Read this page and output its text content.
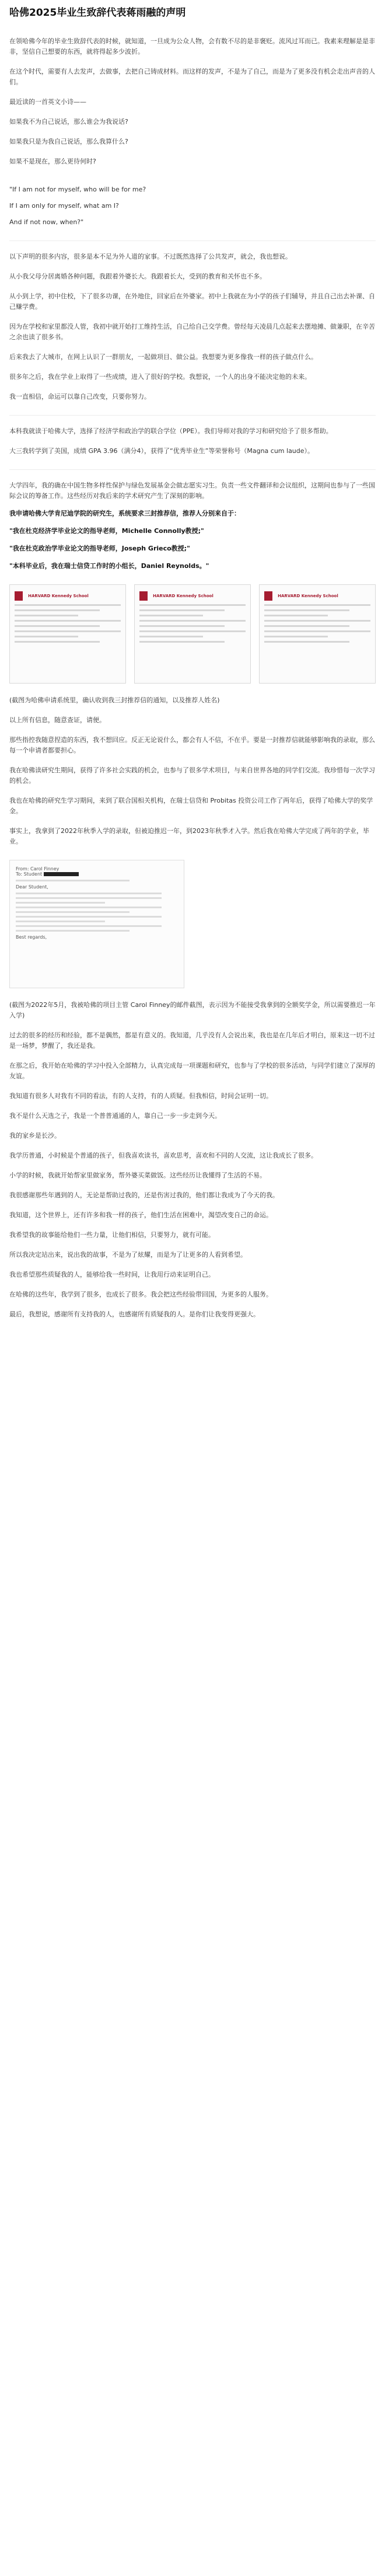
哈佛2025毕业生致辞代表蒋雨融的声明

在领哈佛今年的毕业生致辞代表的时候，就知道，一旦成为公众人物，会有数不尽的是非褒贬。流风过耳而已。我素来理解是是非非，坚信自己想要的东西，就将得起多少波折。

在这个时代，需要有人去发声，去做事，去把自己铸成材料。而这样的发声，不是为了自己，而是为了更多没有机会走出声音的人们。

最近读的一首英文小诗——

如果我不为自己说话，那么谁会为我说话?

如果我只是为我自己说话，那么我算什么?

如果不是现在，那么更待何时?

"If I am not for myself, who will be for me?

If I am only for myself, what am I?

And if not now, when?"

以下声明的很多内容，很多是本不足为外人道的家事。不过既然选择了公共发声，就会，我也想说。

从小我父母分居离婚各种问题，我跟着外婆长大。我跟着长大，受到的教育和关怀也不多。

从小到上学，初中住校，下了很多功课，在外地住，回家后在外婆家。初中上我就在为小学的孩子们辅导，并且自己出去补课、自己赚学费。

因为在学校和家里都没人管，我初中就开始打工维持生活，自己给自己交学费。曾经每天凌晨几点起来去摆地摊、做兼职，在辛苦之余也读了很多书。

后来我去了大城市，在网上认识了一群朋友，一起做项目、做公益。我想要为更多像我一样的孩子做点什么。

很多年之后，我在学业上取得了一些成绩，进入了很好的学校。我想说，一个人的出身不能决定他的未来。

我一直相信，命运可以靠自己改变，只要你努力。

本科我就读于哈佛大学，选择了经济学和政治学的联合学位（PPE）。我们导师对我的学习和研究给予了很多帮助。

大三我转学到了美国，成绩 GPA 3.96（满分4），获得了“优秀毕业生”等荣誉称号（Magna cum laude）。

大学四年，我的确在中国生物多样性保护与绿色发展基金会做志愿实习生。负责一些文件翻译和会议组织，这期间也参与了一些国际会议的筹备工作。这些经历对我后来的学术研究产生了深刻的影响。

我申请哈佛大学肯尼迪学院的研究生，系统要求三封推荐信，推荐人分别来自于：

"我在杜克经济学毕业论文的指导老师，Michelle Connolly教授;"

"我在杜克政治学毕业论文的指导老师，Joseph Grieco教授;"

"本科毕业后，我在瑞士信贷工作时的小组长，Daniel Reynolds。"

HARVARD Kennedy School	HARVARD Kennedy School	HARVARD Kennedy School

(截图为哈佛申请系统里，确认收到我三封推荐信的通知，以及推荐人姓名)

以上所有信息，随意查证，请便。

那些指控我随意捏造的东西，我不想回应。反正无论说什么，都会有人不信，不在乎。要是一封推荐信就能够影响我的录取，那么每一个申请者都要担心。

我在哈佛读研究生期间，获得了许多社会实践的机会，也参与了很多学术项目，与来自世界各地的同学们交流。我珍惜每一次学习的机会。

我也在哈佛的研究生学习期间，来到了联合国相关机构，在瑞士信贷和 Probitas 投资公司工作了两年后，获得了哈佛大学的奖学金。

事实上，我拿到了2022年秋季入学的录取，但被迫推迟一年，到2023年秋季才入学。然后我在哈佛大学完成了两年的学业，毕业。

From: Carol Finney
To: Student
Dear Student,
Best regards,

(截图为2022年5月，我被哈佛的项目主管 Carol Finney的邮件截图，表示因为不能接受我拿到的全额奖学金，所以需要推迟一年入学)

过去的很多的经历和经验，都不是偶然，都是有意义的。我知道，几乎没有人会说出来，我也是在几年后才明白，原来这一切不过是一场梦，梦醒了，我还是我。

在那之后，我开始在哈佛的学习中投入全部精力，认真完成每一项课题和研究，也参与了学校的很多活动，与同学们建立了深厚的友谊。

我知道有很多人对我有不同的看法，有的人支持，有的人质疑。但我相信，时间会证明一切。

我不是什么天选之子，我是一个普普通通的人，靠自己一步一步走到今天。

我的家乡是长沙。

我学历普通，小时候是个普通的孩子，但我喜欢读书，喜欢思考，喜欢和不同的人交流，这让我成长了很多。

小学的时候，我就开始帮家里做家务，帮外婆买菜做饭。这些经历让我懂得了生活的不易。

我很感谢那些年遇到的人，无论是帮助过我的，还是伤害过我的，他们都让我成为了今天的我。

我知道，这个世界上，还有许多和我一样的孩子，他们生活在困难中，渴望改变自己的命运。

我希望我的故事能给他们一些力量，让他们相信，只要努力，就有可能。

所以我决定站出来，说出我的故事，不是为了炫耀，而是为了让更多的人看到希望。

我也希望那些质疑我的人，能够给我一些时间，让我用行动来证明自己。

在哈佛的这些年，我学到了很多，也成长了很多。我会把这些经验带回国，为更多的人服务。

最后，我想说，感谢所有支持我的人，也感谢所有质疑我的人。是你们让我变得更强大。
